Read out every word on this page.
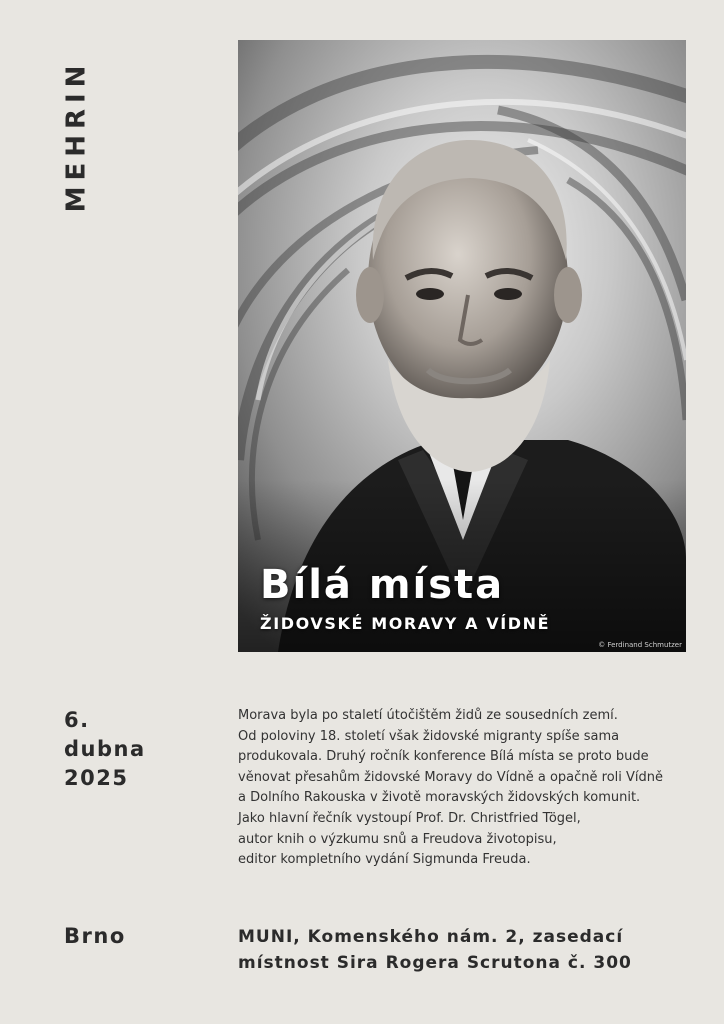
MEHRIN
Bílá místa
ŽIDOVSKÉ MORAVY A VÍDNĚ
© Ferdinand Schmutzer
6.
dubna
2025
Morava byla po staletí útočištěm židů ze sousedních zemí.
Od poloviny 18. století však židovské migranty spíše sama
produkovala. Druhý ročník konference Bílá místa se proto bude
věnovat přesahům židovské Moravy do Vídně a opačně roli Vídně
a Dolního Rakouska v životě moravských židovských komunit.
Jako hlavní řečník vystoupí Prof. Dr. Christfried Tögel,
autor knih o výzkumu snů a Freudova životopisu,
editor kompletního vydání Sigmunda Freuda.
Brno	MUNI, Komenského nám. 2, zasedací
místnost Sira Rogera Scrutona č. 300
